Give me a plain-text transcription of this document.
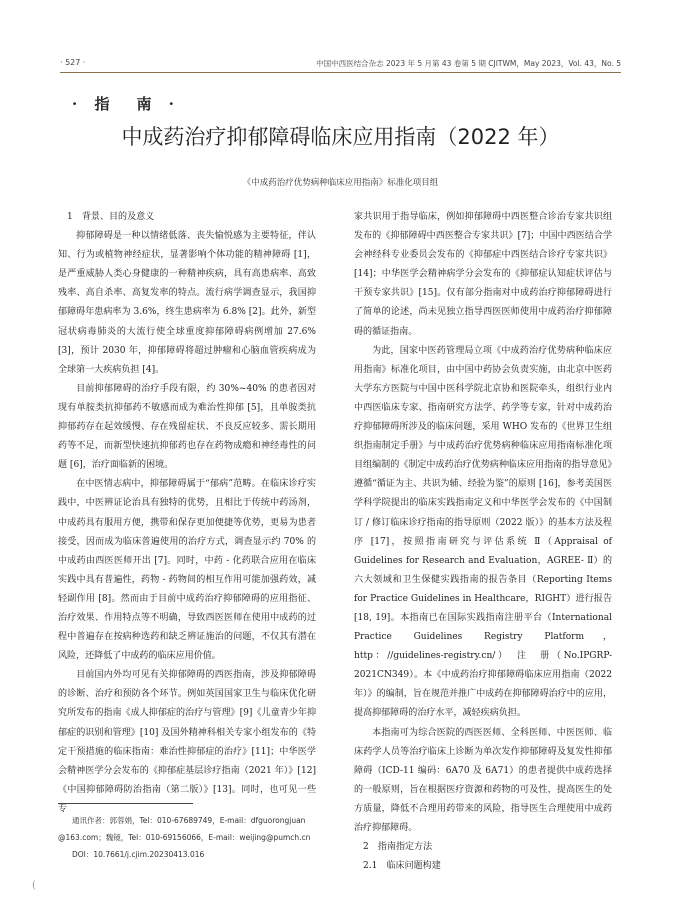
· 527 ·	中国中西医结合杂志 2023 年 5 月第 43 卷第 5 期 CJITWM，May 2023，Vol. 43，No. 5
· 指　南 ·
中成药治疗抑郁障碍临床应用指南（2022 年）
《中成药治疗优势病种临床应用指南》标准化项目组

1　背景、目的及意义

抑郁障碍是一种以情绪低落、丧失愉悦感为主要特征，伴认知、行为或植物神经症状，显著影响个体功能的精神障碍 [1]，是严重威胁人类心身健康的一种精神疾病，具有高患病率、高致残率、高自杀率、高复发率的特点。流行病学调查显示，我国抑郁障碍年患病率为 3.6%，终生患病率为 6.8% [2]。此外，新型冠状病毒肺炎的大流行使全球重度抑郁障碍病例增加 27.6% [3]，预计 2030 年，抑郁障碍将超过肿瘤和心脑血管疾病成为全球第一大疾病负担 [4]。

目前抑郁障碍的治疗手段有限，约 30%~40% 的患者因对现有单胺类抗抑郁药不敏感而成为难治性抑郁 [5]，且单胺类抗抑郁药存在起效缓慢、存在残留症状、不良反应较多、需长期用药等不足，而新型快速抗抑郁药也存在药物成瘾和神经毒性的问题 [6]，治疗面临新的困境。

在中医情志病中，抑郁障碍属于“郁病”范畴。在临床诊疗实践中，中医辨证论治具有独特的优势，且相比于传统中药汤剂，中成药具有服用方便，携带和保存更加便捷等优势，更易为患者接受，因而成为临床普遍使用的治疗方式，调查显示约 70% 的中成药由西医医师开出 [7]。同时，中药 - 化药联合应用在临床实践中具有普遍性，药物 - 药物间的相互作用可能加强药效，减轻副作用 [8]。然而由于目前中成药治疗抑郁障碍的应用指征、治疗效果、作用特点等不明确，导致西医医师在使用中成药的过程中普遍存在按病种选药和缺乏辨证施治的问题，不仅其有潜在风险，还降低了中成药的临床应用价值。

目前国内外均可见有关抑郁障碍的西医指南，涉及抑郁障碍的诊断、治疗和预防各个环节。例如英国国家卫生与临床优化研究所发布的指南《成人抑郁症的治疗与管理》[9]《儿童青少年抑郁症的识别和管理》[10] 及国外精神科相关专家小组发布的《特定干预措施的临床指南：难治性抑郁症的治疗》[11]；中华医学会精神医学分会发布的《抑郁症基层诊疗指南（2021 年）》[12]《中国抑郁障碍防治指南（第二版）》[13]。同时，也可见一些专

家共识用于指导临床，例如抑郁障碍中西医整合诊治专家共识组发布的《抑郁障碍中西医整合专家共识》[7]；中国中西医结合学会神经科专业委员会发布的《抑郁症中西医结合诊疗专家共识》[14]；中华医学会精神病学分会发布的《抑郁症认知症状评估与干预专家共识》[15]。仅有部分指南对中成药治疗抑郁障碍进行了简单的论述，尚未见独立指导西医医师使用中成药治疗抑郁障碍的循证指南。

为此，国家中医药管理局立项《中成药治疗优势病种临床应用指南》标准化项目，由中国中药协会负责实施，由北京中医药大学东方医院与中国中医科学院北京协和医院牵头，组织行业内中西医临床专家、指南研究方法学、药学等专家，针对中成药治疗抑郁障碍所涉及的临床问题，采用 WHO 发布的《世界卫生组织指南制定手册》与中成药治疗优势病种临床应用指南标准化项目组编制的《制定中成药治疗优势病种临床应用指南的指导意见》遵循“循证为主、共识为辅、经验为鉴”的原则 [16]，参考美国医学科学院提出的临床实践指南定义和中华医学会发布的《中国制订 / 修订临床诊疗指南的指导原则（2022 版）》的基本方法及程序 [17]，按照指南研究与评估系统 Ⅱ（Appraisal of Guidelines for Research and Evaluation，AGREE- Ⅱ）的六大领域和卫生保健实践指南的报告条目（Reporting Items for Practice Guidelines in Healthcare，RIGHT）进行报告 [18, 19]。本指南已在国际实践指南注册平台（International Practice Guidelines Registry Platform，http：//guidelines-registry.cn/）　注　册（No.IPGRP-2021CN349）。本《中成药治疗抑郁障碍临床应用指南（2022 年）》的编制，旨在规范并推广中成药在抑郁障碍治疗中的应用，提高抑郁障碍的治疗水平，减轻疾病负担。

本指南可为综合医院的西医医师、全科医师、中医医师、临床药学人员等治疗临床上诊断为单次发作抑郁障碍及复发性抑郁障碍（ICD-11 编码：6A70 及 6A71）的患者提供中成药选择的一般原则，旨在根据医疗资源和药物的可及性，提高医生的处方质量，降低不合理用药带来的风险，指导医生合理使用中成药治疗抑郁障碍。

2　指南指定方法

2.1　临床问题构建

通讯作者：郭蓉娟，Tel：010-67689749，E-mail：dfguorongjuan
@163.com；魏镜，Tel：010-69156066，E-mail：weijing@pumch.cn
DOI：10.7661/j.cjim.20230413.016
(
